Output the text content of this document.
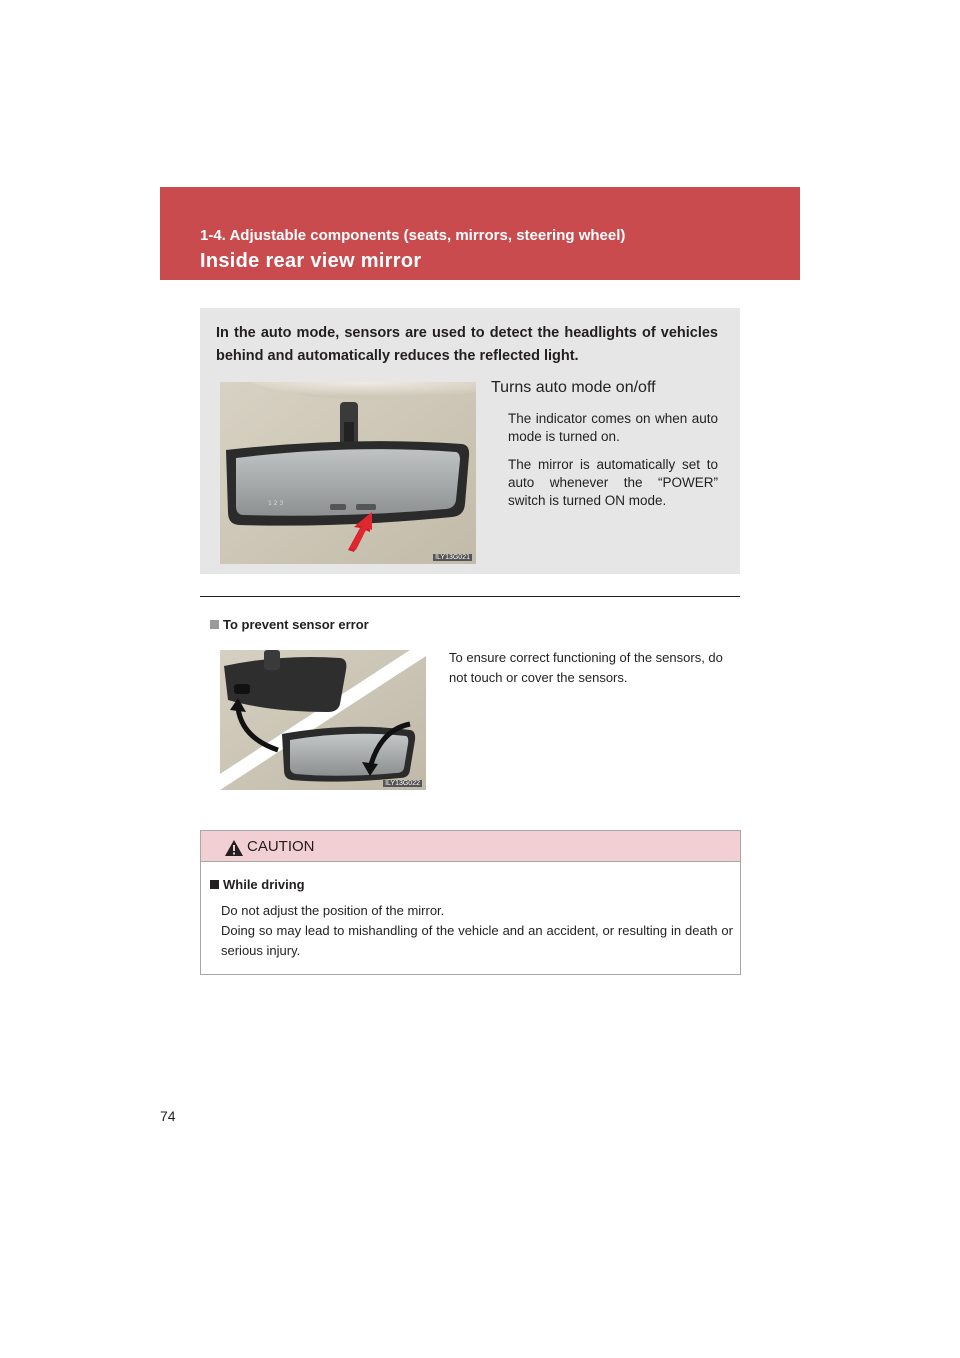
1-4. Adjustable components (seats, mirrors, steering wheel)
Inside rear view mirror
In the auto mode, sensors are used to detect the headlights of vehicles behind and automatically reduces the reflected light.
1 2 3
ILY13G021
Turns auto mode on/off

The indicator comes on when auto mode is turned on.

The mirror is automatically set to auto whenever the “POWER” switch is turned ON mode.

To prevent sensor error
ILY13G022
To ensure correct functioning of the sensors, do not touch or cover the sensors.
CAUTION
While driving

Do not adjust the position of the mirror.

Doing so may lead to mishandling of the vehicle and an accident, or resulting in death or serious injury.

74
